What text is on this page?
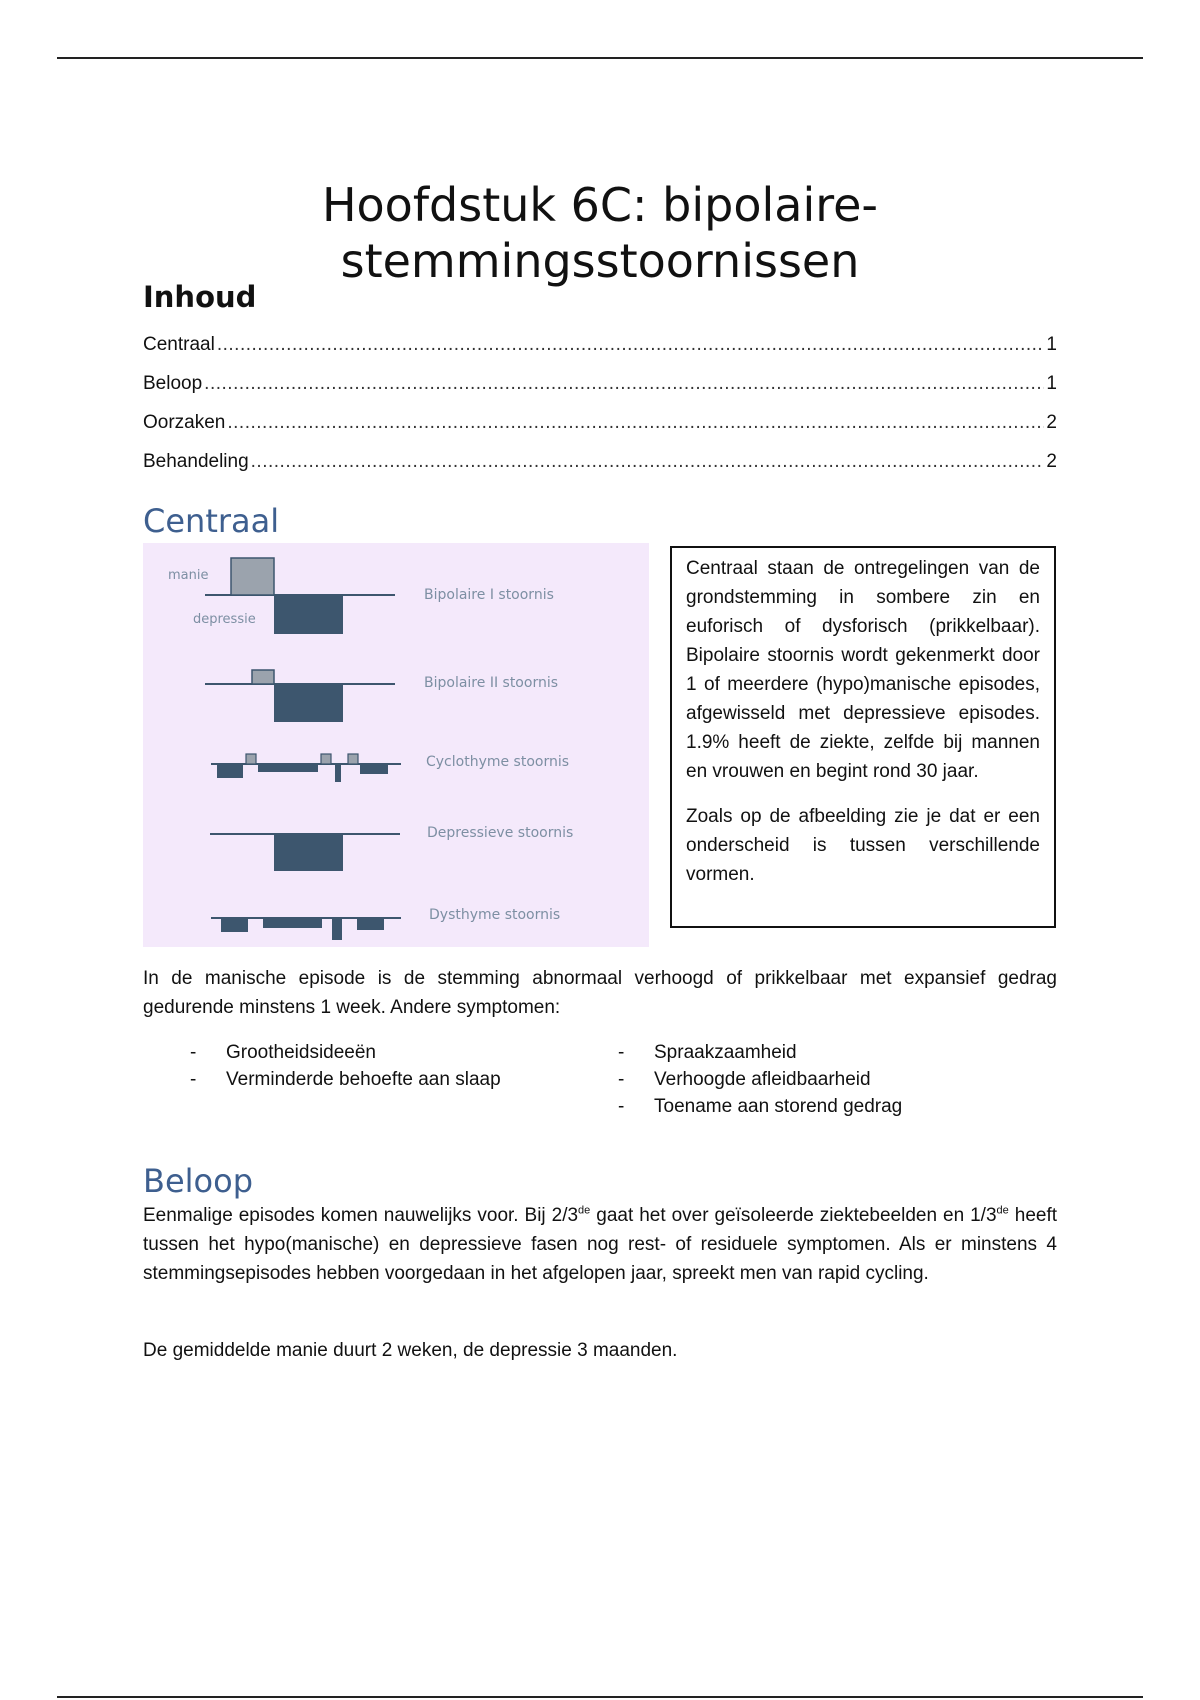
Hoofdstuk 6C: bipolaire-
stemmingsstoornissen
Inhoud
Centraal .....	1
Beloop .....	1
Oorzaken .....	2
Behandeling .....	2
Centraal
manie
depressie
Bipolaire I stoornis
Bipolaire II stoornis
Cyclothyme stoornis
Depressieve stoornis
Dysthyme stoornis

Centraal staan de ontregelingen van de grondstemming in sombere zin en euforisch of dysforisch (prikkelbaar). Bipolaire stoornis wordt gekenmerkt door 1 of meerdere (hypo)manische episodes, afgewisseld met depressieve episodes. 1.9% heeft de ziekte, zelfde bij mannen en vrouwen en begint rond 30 jaar.

Zoals op de afbeelding zie je dat er een onderscheid is tussen verschillende vormen.

In de manische episode is de stemming abnormaal verhoogd of prikkelbaar met expansief gedrag gedurende minstens 1 week. Andere symptomen:

- Grootheidsideeën
- Verminderde behoefte aan slaap
- Spraakzaamheid
- Verhoogde afleidbaarheid
- Toename aan storend gedrag
Beloop

Eenmalige episodes komen nauwelijks voor. Bij 2/3de gaat het over geïsoleerde ziektebeelden en 1/3de heeft tussen het hypo(manische) en depressieve fasen nog rest- of residuele symptomen. Als er minstens 4 stemmingsepisodes hebben voorgedaan in het afgelopen jaar, spreekt men van rapid cycling.

De gemiddelde manie duurt 2 weken, de depressie 3 maanden.
